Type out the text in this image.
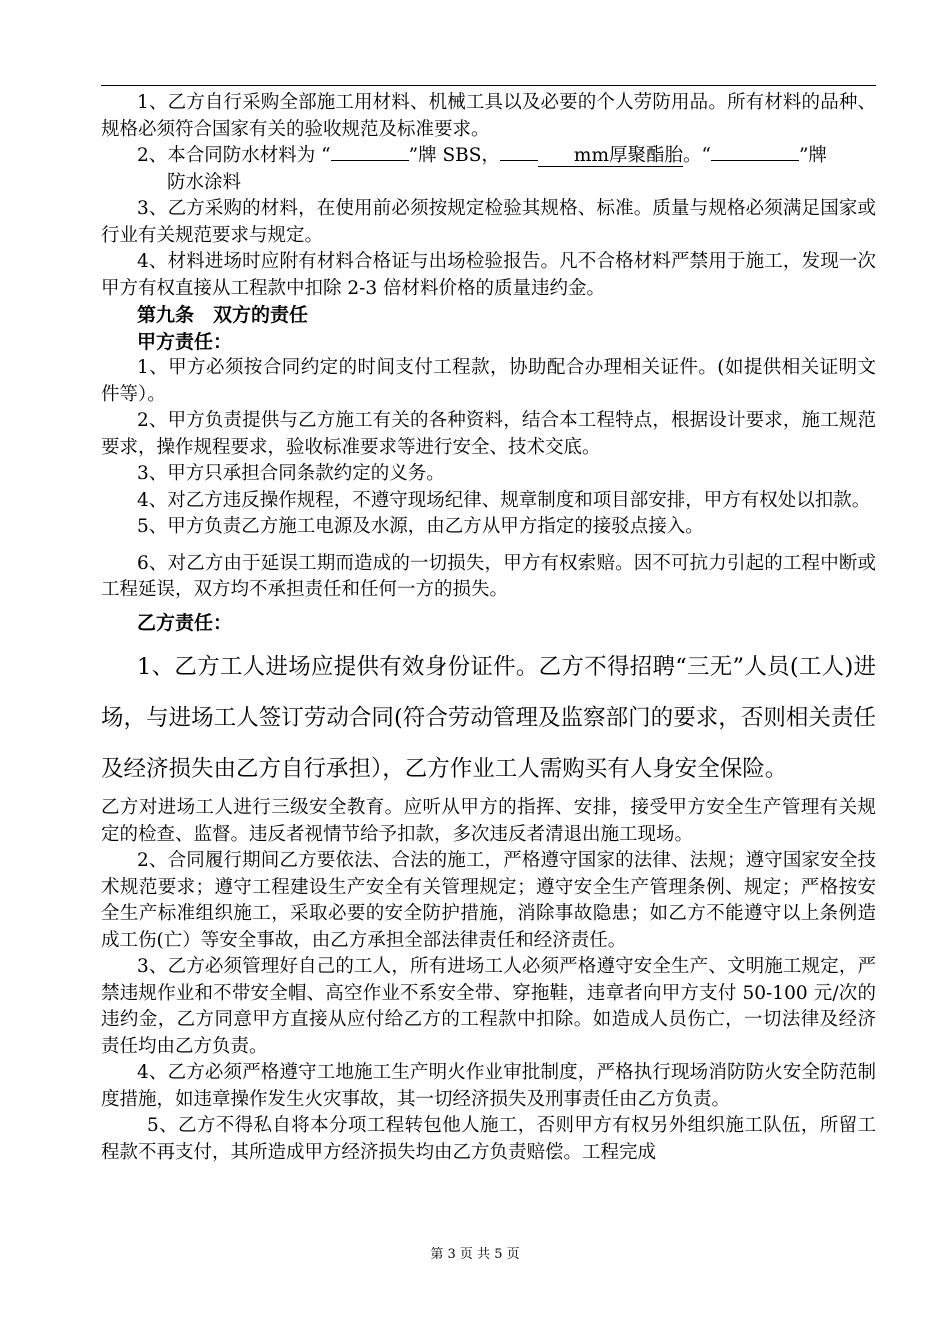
1、乙方自行采购全部施工用材料、机械工具以及必要的个人劳防用品。所有材料的品种、规格必须符合国家有关的验收规范及标准要求。

2、本合同防水材料为 “	”牌 SBS，	mm厚聚酯胎。“	”牌

防水涂料

3、乙方采购的材料，在使用前必须按规定检验其规格、标准。质量与规格必须满足国家或行业有关规范要求与规定。

4、材料进场时应附有材料合格证与出场检验报告。凡不合格材料严禁用于施工，发现一次甲方有权直接从工程款中扣除 2-3 倍材料价格的质量违约金。

第九条　双方的责任

甲方责任：

1、甲方必须按合同约定的时间支付工程款，协助配合办理相关证件。(如提供相关证明文件等）。

2、甲方负责提供与乙方施工有关的各种资料，结合本工程特点，根据设计要求，施工规范要求，操作规程要求，验收标准要求等进行安全、技术交底。

3、甲方只承担合同条款约定的义务。

4、对乙方违反操作规程，不遵守现场纪律、规章制度和项目部安排，甲方有权处以扣款。

5、甲方负责乙方施工电源及水源，由乙方从甲方指定的接驳点接入。

6、对乙方由于延误工期而造成的一切损失，甲方有权索赔。因不可抗力引起的工程中断或工程延误，双方均不承担责任和任何一方的损失。

乙方责任：

1、乙方工人进场应提供有效身份证件。乙方不得招聘“三无”人员(工人)进场，与进场工人签订劳动合同(符合劳动管理及监察部门的要求，否则相关责任及经济损失由乙方自行承担），乙方作业工人需购买有人身安全保险。

乙方对进场工人进行三级安全教育。应听从甲方的指挥、安排，接受甲方安全生产管理有关规定的检查、监督。违反者视情节给予扣款，多次违反者清退出施工现场。

2、合同履行期间乙方要依法、合法的施工，严格遵守国家的法律、法规；遵守国家安全技术规范要求；遵守工程建设生产安全有关管理规定；遵守安全生产管理条例、规定；严格按安全生产标准组织施工，采取必要的安全防护措施，消除事故隐患；如乙方不能遵守以上条例造成工伤(亡）等安全事故，由乙方承担全部法律责任和经济责任。

3、乙方必须管理好自己的工人，所有进场工人必须严格遵守安全生产、文明施工规定，严禁违规作业和不带安全帽、高空作业不系安全带、穿拖鞋，违章者向甲方支付 50-100 元/次的违约金，乙方同意甲方直接从应付给乙方的工程款中扣除。如造成人员伤亡，一切法律及经济责任均由乙方负责。

4、乙方必须严格遵守工地施工生产明火作业审批制度，严格执行现场消防防火安全防范制度措施，如违章操作发生火灾事故，其一切经济损失及刑事责任由乙方负责。

5、乙方不得私自将本分项工程转包他人施工，否则甲方有权另外组织施工队伍，所留工程款不再支付，其所造成甲方经济损失均由乙方负责赔偿。工程完成

第 3 页 共 5 页
